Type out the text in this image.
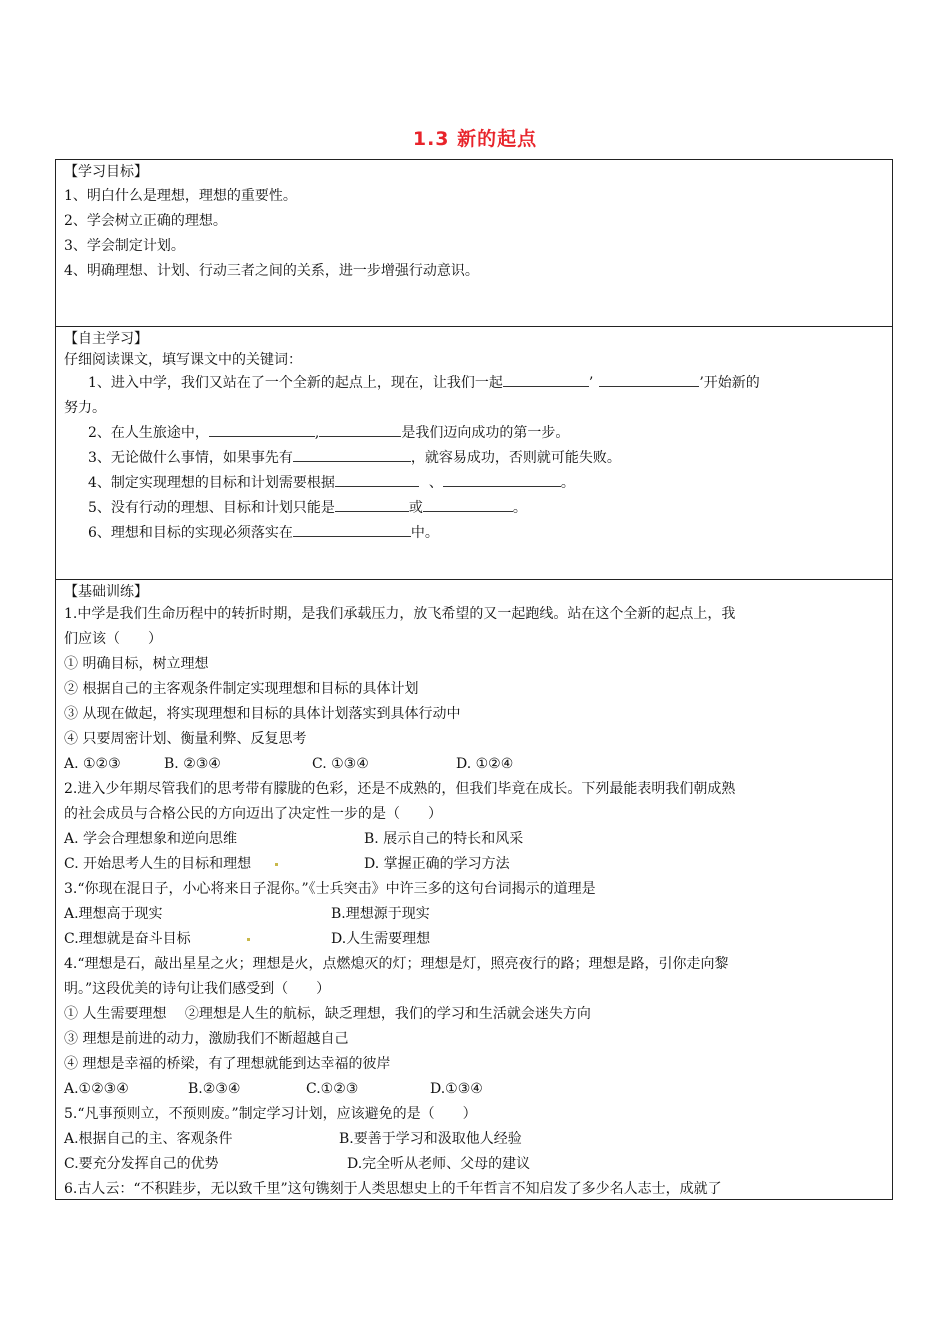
1.3 新的起点
【学习目标】
1、明白什么是理想，理想的重要性。
2、学会树立正确的理想。
3、学会制定计划。
4、明确理想、计划、行动三者之间的关系，进一步增强行动意识。
【自主学习】
仔细阅读课文，填写课文中的关键词：
1、进入中学，我们又站在了一个全新的起点上，现在，让我们一起	’	’开始新的
努力。
2、在人生旅途中，	,	是我们迈向成功的第一步。
3、无论做什么事情，如果事先有	，就容易成功，否则就可能失败。
4、制定实现理想的目标和计划需要根据	、	。
5、没有行动的理想、目标和计划只能是	或	。
6、理想和目标的实现必须落实在	中。
【基础训练】
1.中学是我们生命历程中的转折时期，是我们承载压力，放飞希望的又一起跑线。站在这个全新的起点上，我
们应该（　　）
① 明确目标，树立理想
② 根据自己的主客观条件制定实现理想和目标的具体计划
③ 从现在做起，将实现理想和目标的具体计划落实到具体行动中
④ 只要周密计划、衡量利弊、反复思考
A. ①②③	B. ②③④	C. ①③④	D. ①②④
2.进入少年期尽管我们的思考带有朦胧的色彩，还是不成熟的，但我们毕竟在成长。下列最能表明我们朝成熟
的社会成员与合格公民的方向迈出了决定性一步的是（　　）
A. 学会合理想象和逆向思维	B. 展示自己的特长和风采
C. 开始思考人生的目标和理想	D. 掌握正确的学习方法
3.“你现在混日子，小心将来日子混你。”《士兵突击》中许三多的这句台词揭示的道理是
A.理想高于现实	B.理想源于现实
C.理想就是奋斗目标	D.人生需要理想
4.“理想是石，敲出星星之火；理想是火，点燃熄灭的灯；理想是灯，照亮夜行的路；理想是路，引你走向黎
明。”这段优美的诗句让我们感受到（　　）
① 人生需要理想　 ②理想是人生的航标，缺乏理想，我们的学习和生活就会迷失方向
③ 理想是前进的动力，激励我们不断超越自己
④ 理想是幸福的桥梁，有了理想就能到达幸福的彼岸
A.①②③④	B.②③④	C.①②③	D.①③④
5.“凡事预则立，不预则废。”制定学习计划，应该避免的是（　　）
A.根据自己的主、客观条件	B.要善于学习和汲取他人经验
C.要充分发挥自己的优势	D.完全听从老师、父母的建议
6.古人云：“不积跬步，无以致千里”这句镌刻于人类思想史上的千年哲言不知启发了多少名人志士，成就了
